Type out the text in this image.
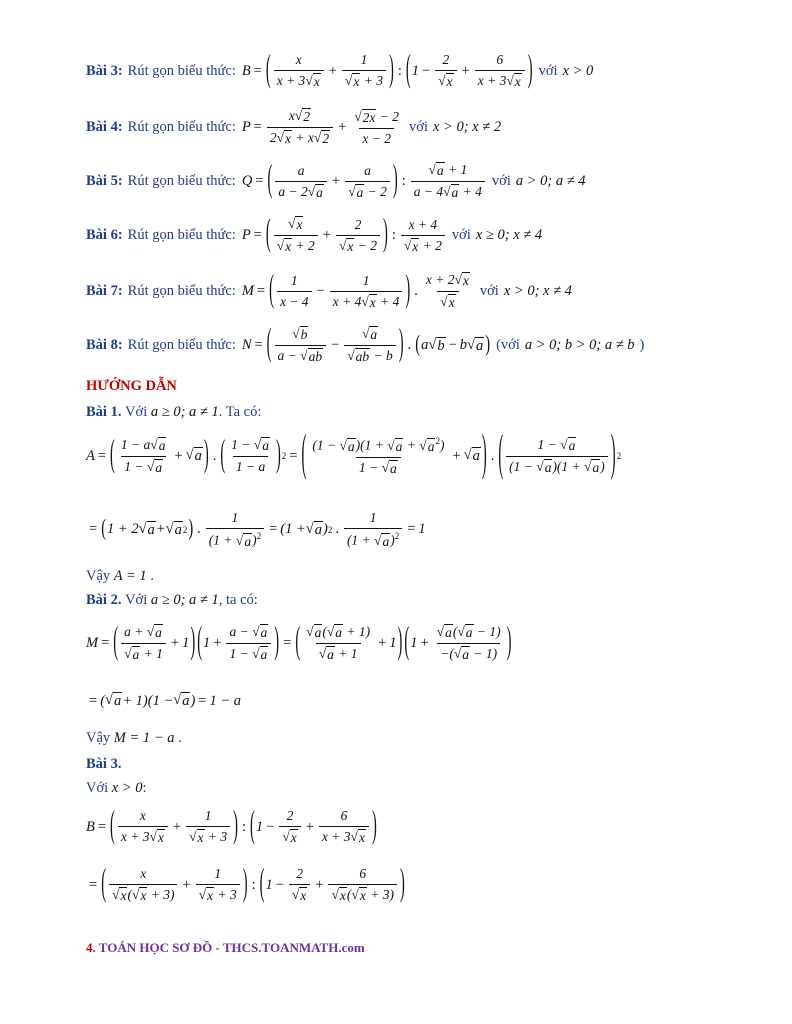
Bài 3: Rút gọn biểu thức: B = ( x
x + 3
√ x
+ 1
√ x + 3 ) : ( 1 − 2
√ x + 6
x + 3
√ x ) với x > 0
Bài 4: Rút gọn biểu thức: P = x
√ 2
2
√ x + x
√ 2 +
√ $\frac{2x - 2}{x - 2}$ với x > 0; x ≠ 2
Bài 5: Rút gọn biểu thức: Q = ( a
a − 2
√ a
+ a
√ a − 2 ) :
√ a + 1
a − 4
√ a + 4
với a > 0; a ≠ 4
Bài 6: Rút gọn biểu thức: P = (
√ x
√ x + 2
+ 2
√ x − 2 ) :
x + 4
√ x + 2
với x ≥ 0; x ≠ 4
Bài 7: Rút gọn biểu thức: M = ( 1
x − 4
− 1
x + 4
√ x + 4 ) .
x + 2
√ x
√ x
với x > 0; x ≠ 4
Bài 8: Rút gọn biểu thức: N = (
√ b
a −
√ ab
−
√ a
√ ab − b ) . ( a
√ b − b
√ a ) (với a > 0; b > 0; a ≠ b )
HƯỚNG DẪN
Bài 1.
Với
a ≥ 0; a ≠ 1 . Ta có:
A = ( 1 − a
√ a
1 −
√ a
+
√ a ) . ( 1 −
√ a
1 − a ) 2 = ( (1 −
√ a )(1 +
√ a +
√ a $^2$)
1 −
√ a
+
√ a ) . (	1 −
√ a
(1 −
√ a )(1 +
√ a ) ) 2
= ( 1 + 2
√ a +
√ a 2 ) . 1
(1 +
√ a )$^2$ = (1 +
√ a ) 2 . 1
(1 +
√ a )$^2$ = 1
Vậy
A = 1
.
Bài 2.
Với
a ≥ 0; a ≠ 1 , ta có:
M = ( a +
√ a
√ a + 1
+ 1 ) ( 1 + a −
√ a
1 −
√ a ) = (
√ a (
√ a + 1)
√ a + 1
+ 1 ) ( 1 +
√ a (
√ a − 1)
−(
√ a − 1) )
= (
√ a + 1)(1 −
√ a ) = 1 − a
Vậy
M = 1 − a
.
Bài 3.
Với
x > 0 :
B = ( x
x + 3
√ x
+ 1
√ x + 3 ) : ( 1 − 2
√ x + 6
x + 3
√ x )
= (	x
√ x (
√ x + 3)
+ 1
√ x + 3 ) : ( 1 − 2
√ x + 6
√ x (
√ x + 3) )
4. TOÁN HỌC SƠ ĐỒ - THCS.TOANMATH.com
